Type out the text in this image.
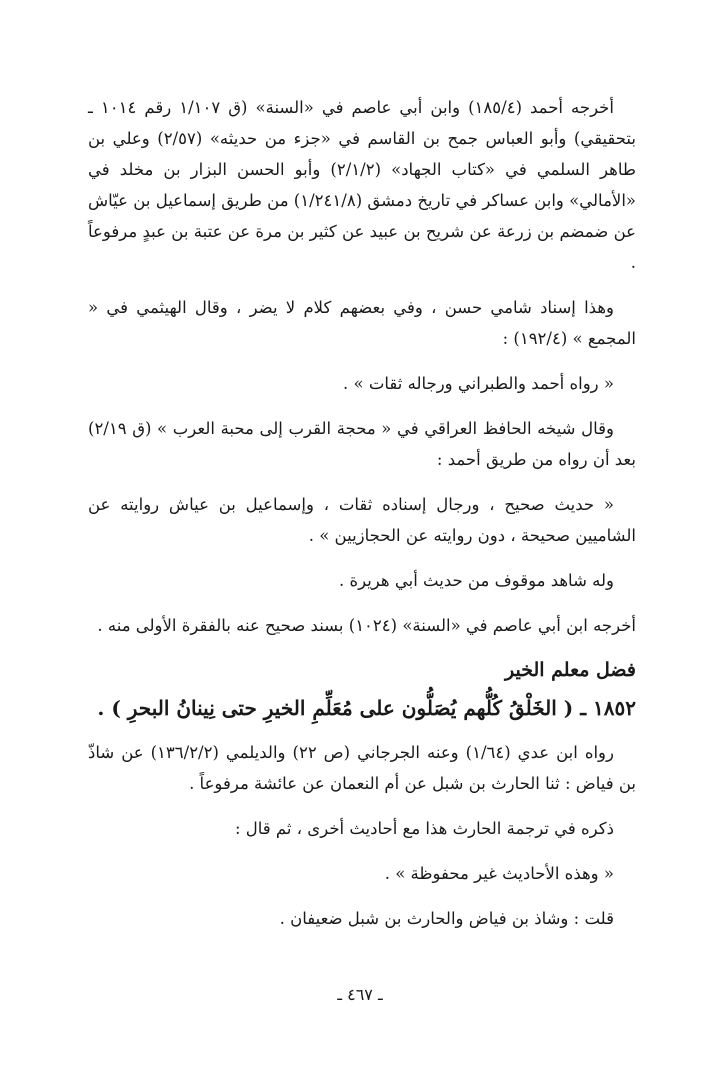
أخرجه أحمد (١٨٥/٤) وابن أبي عاصم في «السنة» (ق ١/١٠٧ رقم ١٠١٤ ـ بتحقيقي) وأبو العباس جمح بن القاسم في «جزء من حديثه» (٢/٥٧) وعلي بن طاهر السلمي في «كتاب الجهاد» (٢/١/٢) وأبو الحسن البزار بن مخلد في «الأمالي» وابن عساكر في تاريخ دمشق (١/٢٤١/٨) من طريق إسماعيل بن عيّاش عن ضمضم بن زرعة عن شريح بن عبيد عن كثير بن مرة عن عتبة بن عبدٍ مرفوعاً .

وهذا إسناد شامي حسن ، وفي بعضهم كلام لا يضر ، وقال الهيثمي في « المجمع » (١٩٢/٤) :

« رواه أحمد والطبراني ورجاله ثقات » .

وقال شيخه الحافظ العراقي في « محجة القرب إلى محبة العرب » (ق ٢/١٩) بعد أن رواه من طريق أحمد :

« حديث صحيح ، ورجال إسناده ثقات ، وإسماعيل بن عياش روايته عن الشاميين صحيحة ، دون روايته عن الحجازيين » .

وله شاهد موقوف من حديث أبي هريرة .

أخرجه ابن أبي عاصم في «السنة» (١٠٢٤) بسند صحيح عنه بالفقرة الأولى منه .

فضل معلم الخير
١٨٥٢ ـ ( الخَلْقُ كُلُّهم يُصَلُّون على مُعَلِّمِ الخيرِ حتى نِينانُ البحرِ ) .

رواه ابن عدي (١/٦٤) وعنه الجرجاني (ص ٢٢) والديلمي (١٣٦/٢/٢) عن شاذّ بن فياض : ثنا الحارث بن شبل عن أم النعمان عن عائشة مرفوعاً .

ذكره في ترجمة الحارث هذا مع أحاديث أخرى ، ثم قال :

« وهذه الأحاديث غير محفوظة » .

قلت : وشاذ بن فياض والحارث بن شبل ضعيفان .

ـ ٤٦٧ ـ
